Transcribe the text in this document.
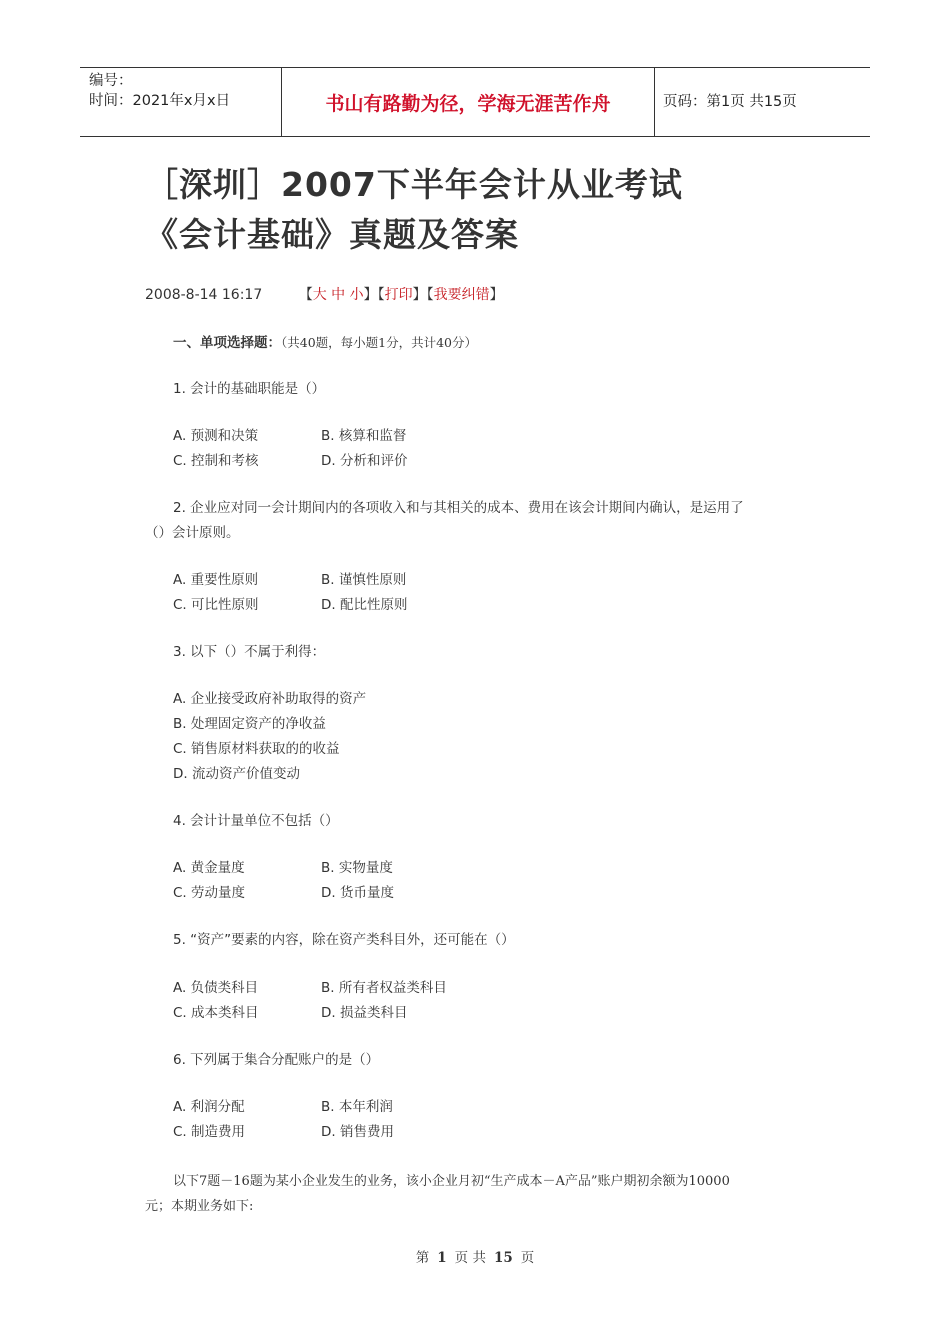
编号：
时间：2021年x月x日	书山有路勤为径，学海无涯苦作舟	页码：第1页 共15页
［深圳］2007下半年会计从业考试
《会计基础》真题及答案
2008-8-14 16:17	【大 中 小】【打印】【我要纠错】
一、单项选择题：（共40题，每小题1分，共计40分）
1. 会计的基础职能是（）
A. 预测和决策	B. 核算和监督
C. 控制和考核	D. 分析和评价
2. 企业应对同一会计期间内的各项收入和与其相关的成本、费用在该会计期间内确认，是运用了
（）会计原则。
A. 重要性原则	B. 谨慎性原则
C. 可比性原则	D. 配比性原则
3. 以下（）不属于利得：
A. 企业接受政府补助取得的资产
B. 处理固定资产的净收益
C. 销售原材料获取的的收益
D. 流动资产价值变动
4. 会计计量单位不包括（）
A. 黄金量度	B. 实物量度
C. 劳动量度	D. 货币量度
5. “资产”要素的内容，除在资产类科目外，还可能在（）
A. 负债类科目	B. 所有者权益类科目
C. 成本类科目	D. 损益类科目
6. 下列属于集合分配账户的是（）
A. 利润分配	B. 本年利润
C. 制造费用	D. 销售费用
以下7题－16题为某小企业发生的业务，该小企业月初“生产成本－A产品”账户期初余额为10000
元；本期业务如下:
第 1 页 共 15 页
